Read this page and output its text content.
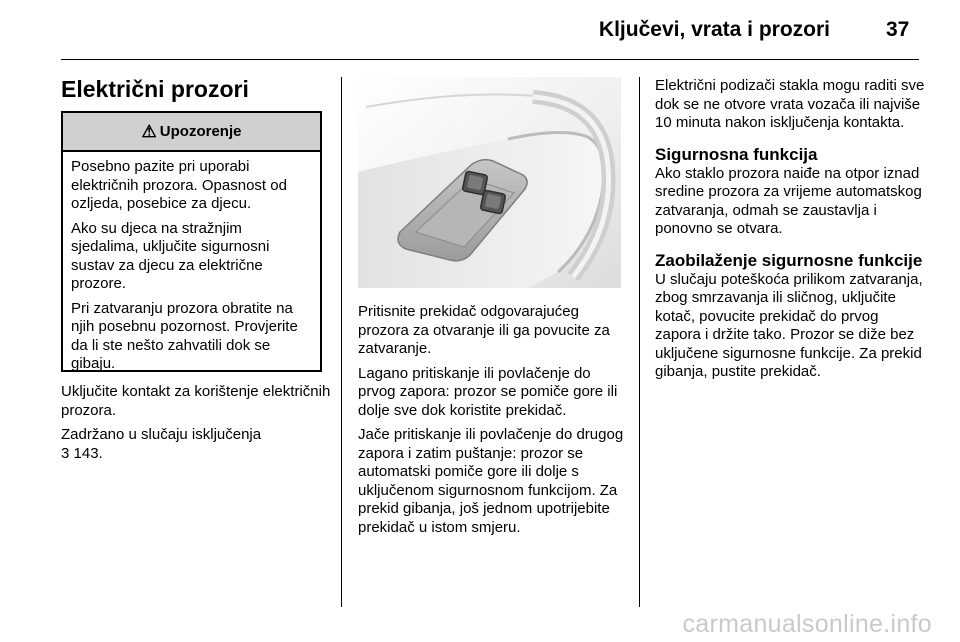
Ključevi, vrata i prozori	37
Električni prozori
⚠ Upozorenje

Posebno pazite pri uporabi električnih prozora. Opasnost od ozljeda, posebice za djecu.

Ako su djeca na stražnjim sjedalima, uključite sigurnosni sustav za djecu za električne prozore.

Pri zatvaranju prozora obratite na njih posebnu pozornost. Provjerite da li ste nešto zahvatili dok se gibaju.

Uključite kontakt za korištenje električnih prozora.

Zadržano u slučaju isključenja

3 143.

Pritisnite prekidač odgovarajućeg prozora za otvaranje ili ga povucite za zatvaranje.

Lagano pritiskanje ili povlačenje do prvog zapora: prozor se pomiče gore ili dolje sve dok koristite prekidač.

Jače pritiskanje ili povlačenje do drugog zapora i zatim puštanje: prozor se automatski pomiče gore ili dolje s uključenom sigurnosnom funkcijom. Za prekid gibanja, još jednom upotrijebite prekidač u istom smjeru.

Električni podizači stakla mogu raditi sve dok se ne otvore vrata vozača ili najviše 10 minuta nakon isključenja kontakta.

Sigurnosna funkcija

Ako staklo prozora naiđe na otpor iznad sredine prozora za vrijeme automatskog zatvaranja, odmah se zaustavlja i ponovno se otvara.

Zaobilaženje sigurnosne funkcije

U slučaju poteškoća prilikom zatvaranja, zbog smrzavanja ili sličnog, uključite kotač, povucite prekidač do prvog zapora i držite tako. Prozor se diže bez uključene sigurnosne funkcije. Za prekid gibanja, pustite prekidač.

carmanualsonline.info
